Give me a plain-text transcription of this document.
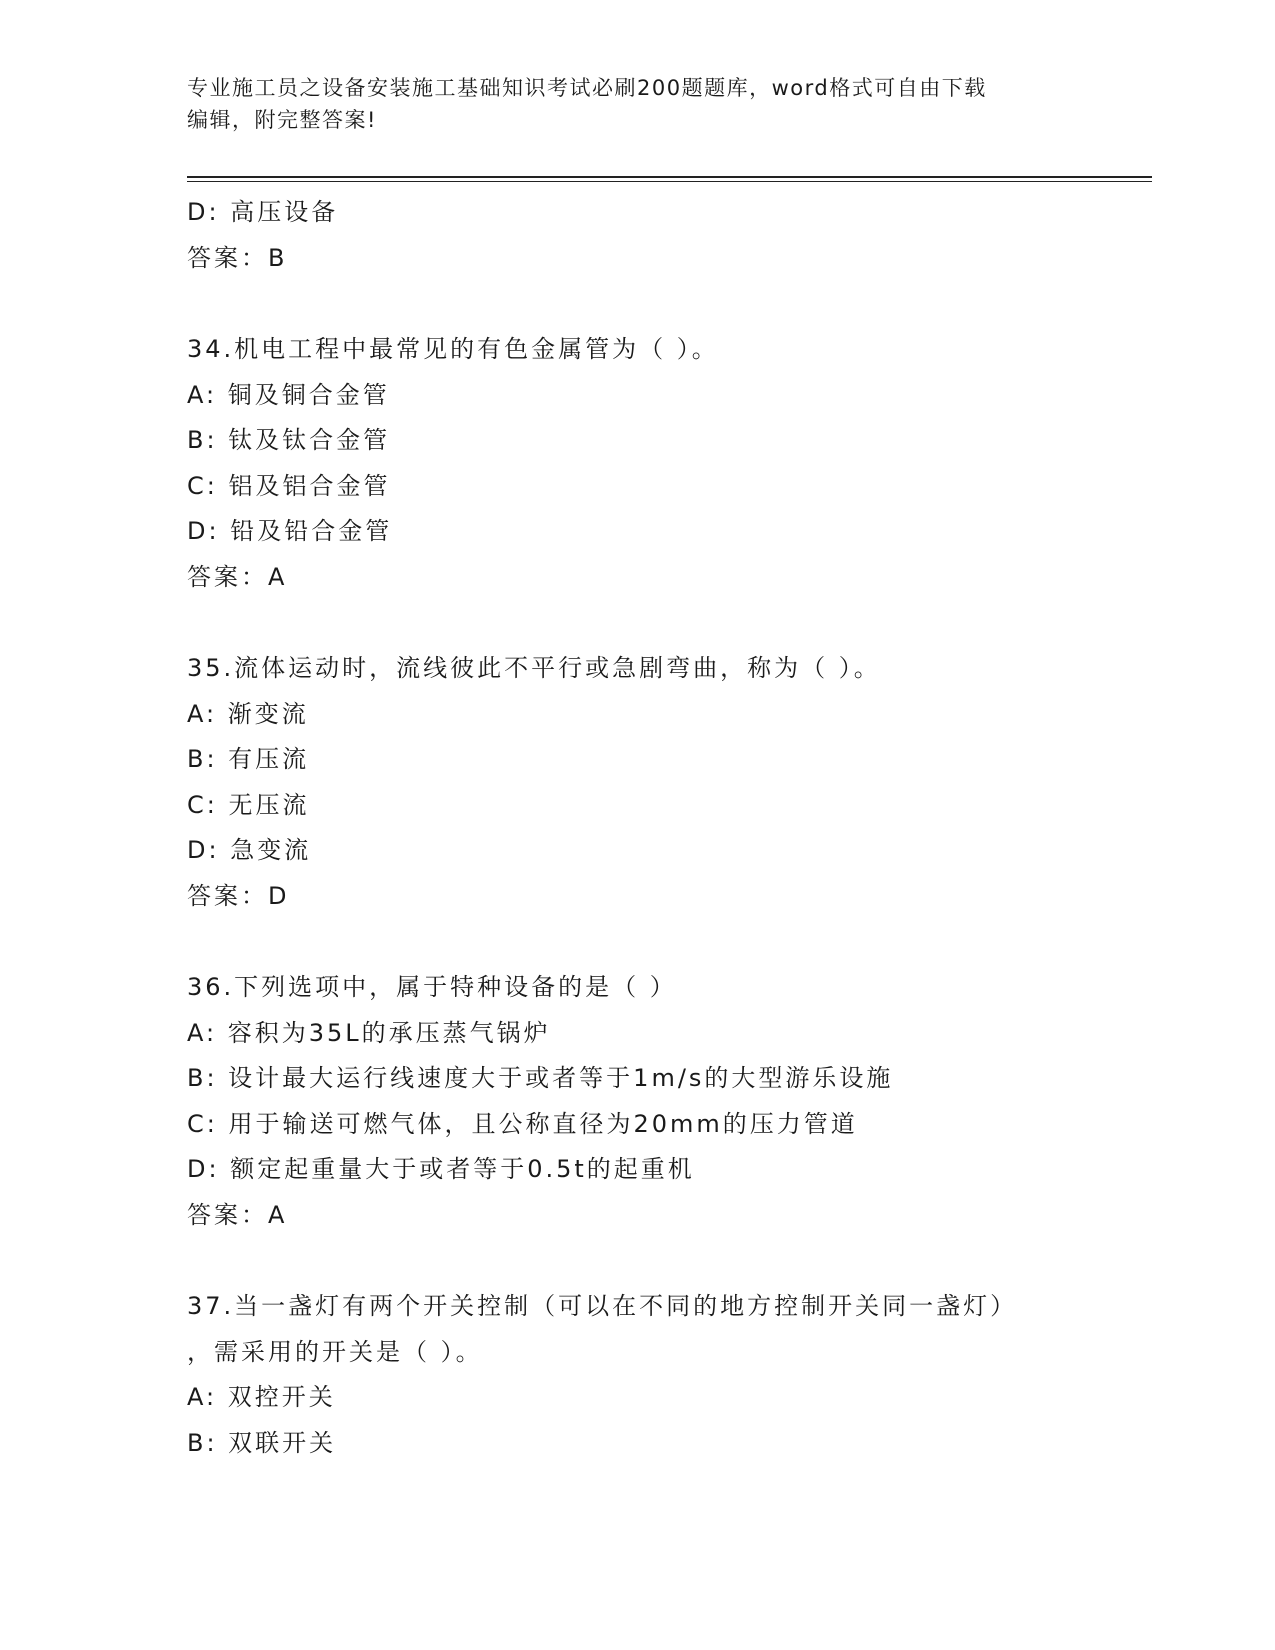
专业施工员之设备安装施工基础知识考试必刷200题题库，word格式可自由下载
编辑，附完整答案!
D: 高压设备
答案：B
34.机电工程中最常见的有色金属管为（ ）。
A: 铜及铜合金管
B: 钛及钛合金管
C: 铝及铝合金管
D: 铅及铅合金管
答案：A
35.流体运动时，流线彼此不平行或急剧弯曲，称为（ ）。
A: 渐变流
B: 有压流
C: 无压流
D: 急变流
答案：D
36.下列选项中，属于特种设备的是（ ）
A: 容积为35L的承压蒸气锅炉
B: 设计最大运行线速度大于或者等于1m/s的大型游乐设施
C: 用于输送可燃气体，且公称直径为20mm的压力管道
D: 额定起重量大于或者等于0.5t的起重机
答案：A
37.当一盏灯有两个开关控制（可以在不同的地方控制开关同一盏灯）
，需采用的开关是（ ）。
A: 双控开关
B: 双联开关
